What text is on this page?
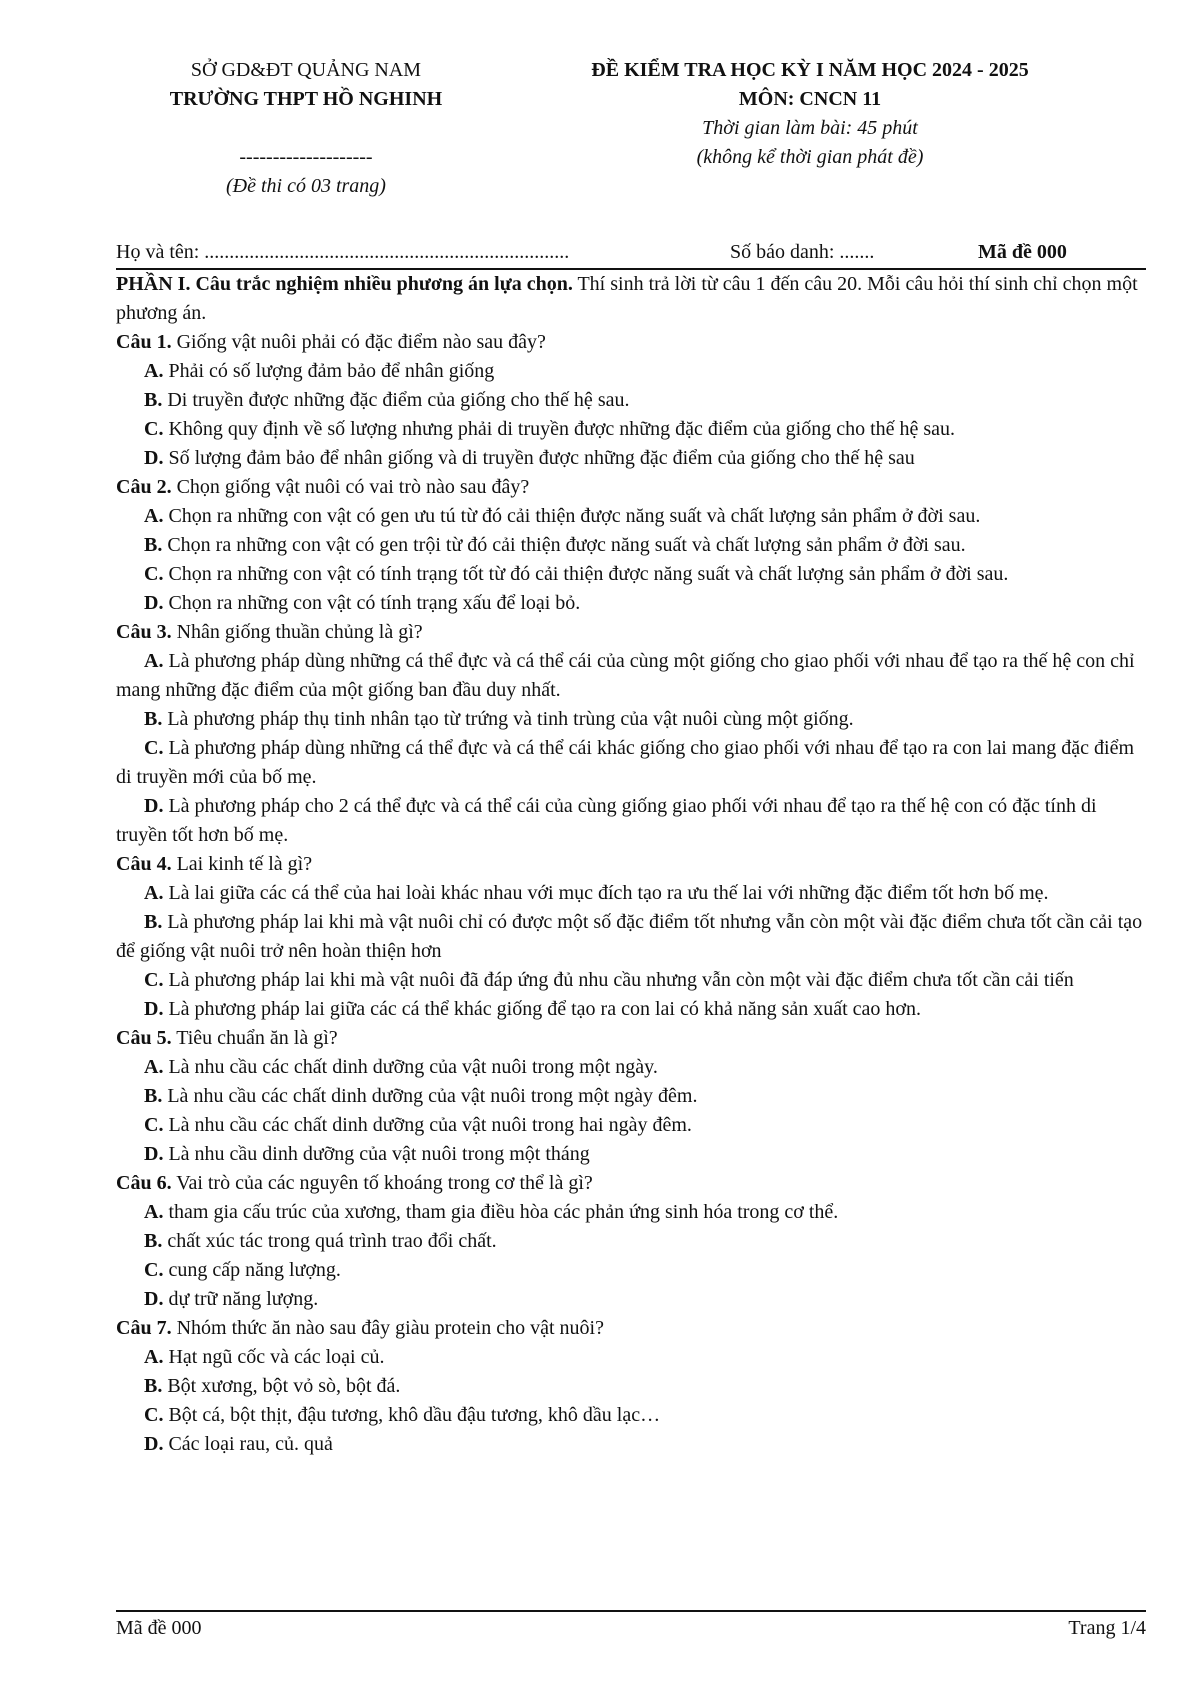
SỞ GD&ĐT QUẢNG NAM
TRƯỜNG THPT HỒ NGHINH
--------------------
(Đề thi có 03 trang)
ĐỀ KIỂM TRA HỌC KỲ I NĂM HỌC 2024 - 2025
MÔN: CNCN 11
Thời gian làm bài: 45 phút
(không kể thời gian phát đề)
Họ và tên: .........................................................................	Số báo danh: .......	Mã đề 000
PHẦN I. Câu trắc nghiệm nhiều phương án lựa chọn. Thí sinh trả lời từ câu 1 đến câu 20. Mỗi câu hỏi thí sinh chỉ chọn một phương án.
Câu 1. Giống vật nuôi phải có đặc điểm nào sau đây?
A. Phải có số lượng đảm bảo để nhân giống
B. Di truyền được những đặc điểm của giống cho thế hệ sau.
C. Không quy định về số lượng nhưng phải di truyền được những đặc điểm của giống cho thế hệ sau.
D. Số lượng đảm bảo để nhân giống và di truyền được những đặc điểm của giống cho thế hệ sau
Câu 2. Chọn giống vật nuôi có vai trò nào sau đây?
A. Chọn ra những con vật có gen ưu tú từ đó cải thiện được năng suất và chất lượng sản phẩm ở đời sau.
B. Chọn ra những con vật có gen trội từ đó cải thiện được năng suất và chất lượng sản phẩm ở đời sau.
C. Chọn ra những con vật có tính trạng tốt từ đó cải thiện được năng suất và chất lượng sản phẩm ở đời sau.
D. Chọn ra những con vật có tính trạng xấu để loại bỏ.
Câu 3. Nhân giống thuần chủng là gì?
A. Là phương pháp dùng những cá thể đực và cá thể cái của cùng một giống cho giao phối với nhau để tạo ra thế hệ con chỉ mang những đặc điểm của một giống ban đầu duy nhất.
B. Là phương pháp thụ tinh nhân tạo từ trứng và tinh trùng của vật nuôi cùng một giống.
C. Là phương pháp dùng những cá thể đực và cá thể cái khác giống cho giao phối với nhau để tạo ra con lai mang đặc điểm di truyền mới của bố mẹ.
D. Là phương pháp cho 2 cá thể đực và cá thể cái của cùng giống giao phối với nhau để tạo ra thế hệ con có đặc tính di truyền tốt hơn bố mẹ.
Câu 4. Lai kinh tế là gì?
A. Là lai giữa các cá thể của hai loài khác nhau với mục đích tạo ra ưu thế lai với những đặc điểm tốt hơn bố mẹ.
B. Là phương pháp lai khi mà vật nuôi chỉ có được một số đặc điểm tốt nhưng vẫn còn một vài đặc điểm chưa tốt cần cải tạo để giống vật nuôi trở nên hoàn thiện hơn
C. Là phương pháp lai khi mà vật nuôi đã đáp ứng đủ nhu cầu nhưng vẫn còn một vài đặc điểm chưa tốt cần cải tiến
D. Là phương pháp lai giữa các cá thể khác giống để tạo ra con lai có khả năng sản xuất cao hơn.
Câu 5. Tiêu chuẩn ăn là gì?
A. Là nhu cầu các chất dinh dưỡng của vật nuôi trong một ngày.
B. Là nhu cầu các chất dinh dưỡng của vật nuôi trong một ngày đêm.
C. Là nhu cầu các chất dinh dưỡng của vật nuôi trong hai ngày đêm.
D. Là nhu cầu dinh dưỡng của vật nuôi trong một tháng
Câu 6. Vai trò của các nguyên tố khoáng trong cơ thể là gì?
A. tham gia cấu trúc của xương, tham gia điều hòa các phản ứng sinh hóa trong cơ thể.
B. chất xúc tác trong quá trình trao đổi chất.
C. cung cấp năng lượng.
D. dự trữ năng lượng.
Câu 7. Nhóm thức ăn nào sau đây giàu protein cho vật nuôi?
A. Hạt ngũ cốc và các loại củ.
B. Bột xương, bột vỏ sò, bột đá.
C. Bột cá, bột thịt, đậu tương, khô dầu đậu tương, khô dầu lạc…
D. Các loại rau, củ. quả
Mã đề 000	Trang 1/4
